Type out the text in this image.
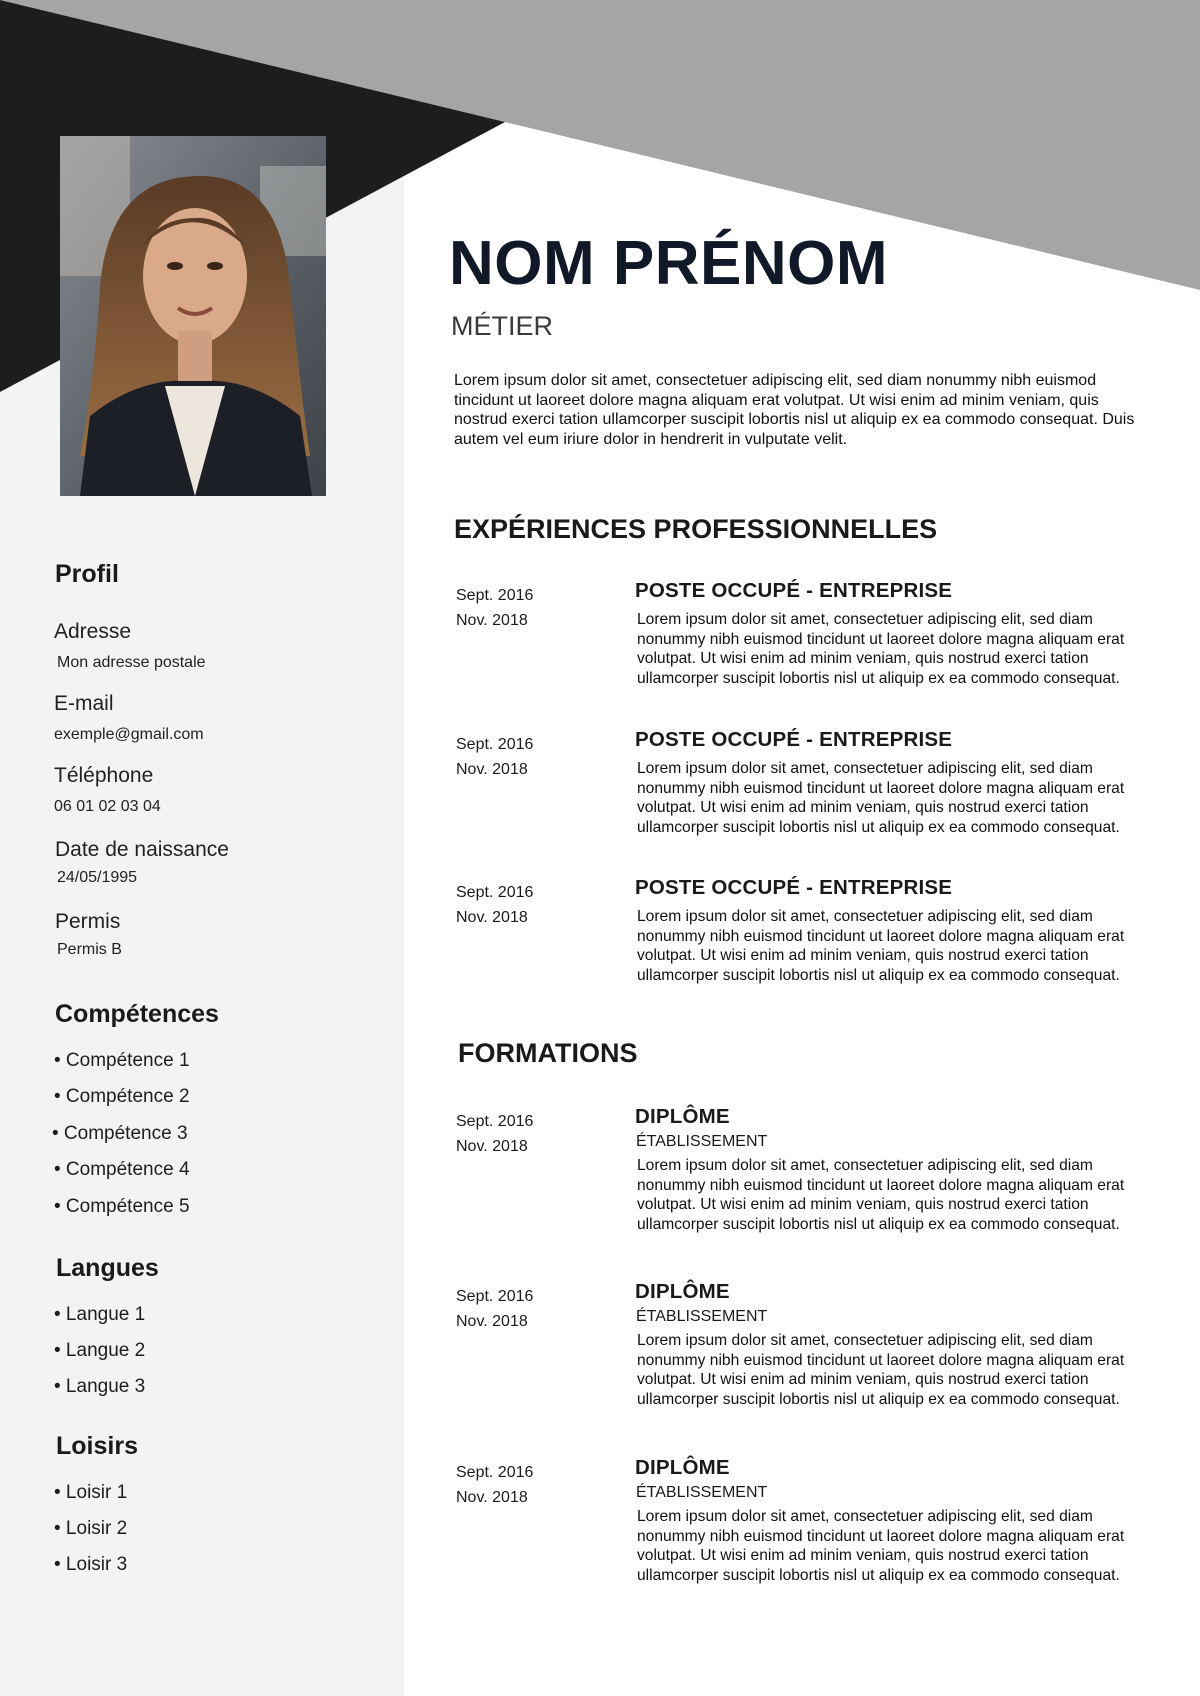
Profil
Adresse
Mon adresse postale
E-mail
exemple@gmail.com
Téléphone
06 01 02 03 04
Date de naissance
24/05/1995
Permis
Permis B
Compétences
• Compétence 1
• Compétence 2
• Compétence 3
• Compétence 4
• Compétence 5
Langues
• Langue 1
• Langue 2
• Langue 3
Loisirs
• Loisir 1
• Loisir 2
• Loisir 3
NOM PRÉNOM
MÉTIER
Lorem ipsum dolor sit amet, consectetuer adipiscing elit, sed diam nonummy nibh euismod tincidunt ut laoreet dolore magna aliquam erat volutpat. Ut wisi enim ad minim veniam, quis nostrud exerci tation ullamcorper suscipit lobortis nisl ut aliquip ex ea commodo consequat. Duis autem vel eum iriure dolor in hendrerit in vulputate velit.
EXPÉRIENCES PROFESSIONNELLES
Sept. 2016
Nov. 2018
POSTE OCCUPÉ - ENTREPRISE
Lorem ipsum dolor sit amet, consectetuer adipiscing elit, sed diam nonummy nibh euismod tincidunt ut laoreet dolore magna aliquam erat volutpat. Ut wisi enim ad minim veniam, quis nostrud exerci tation ullamcorper suscipit lobortis nisl ut aliquip ex ea commodo consequat.
Sept. 2016
Nov. 2018
POSTE OCCUPÉ - ENTREPRISE
Lorem ipsum dolor sit amet, consectetuer adipiscing elit, sed diam nonummy nibh euismod tincidunt ut laoreet dolore magna aliquam erat volutpat. Ut wisi enim ad minim veniam, quis nostrud exerci tation ullamcorper suscipit lobortis nisl ut aliquip ex ea commodo consequat.
Sept. 2016
Nov. 2018
POSTE OCCUPÉ - ENTREPRISE
Lorem ipsum dolor sit amet, consectetuer adipiscing elit, sed diam nonummy nibh euismod tincidunt ut laoreet dolore magna aliquam erat volutpat. Ut wisi enim ad minim veniam, quis nostrud exerci tation ullamcorper suscipit lobortis nisl ut aliquip ex ea commodo consequat.
FORMATIONS
Sept. 2016
Nov. 2018
DIPLÔME
ÉTABLISSEMENT
Lorem ipsum dolor sit amet, consectetuer adipiscing elit, sed diam nonummy nibh euismod tincidunt ut laoreet dolore magna aliquam erat volutpat. Ut wisi enim ad minim veniam, quis nostrud exerci tation ullamcorper suscipit lobortis nisl ut aliquip ex ea commodo consequat.
Sept. 2016
Nov. 2018
DIPLÔME
ÉTABLISSEMENT
Lorem ipsum dolor sit amet, consectetuer adipiscing elit, sed diam nonummy nibh euismod tincidunt ut laoreet dolore magna aliquam erat volutpat. Ut wisi enim ad minim veniam, quis nostrud exerci tation ullamcorper suscipit lobortis nisl ut aliquip ex ea commodo consequat.
Sept. 2016
Nov. 2018
DIPLÔME
ÉTABLISSEMENT
Lorem ipsum dolor sit amet, consectetuer adipiscing elit, sed diam nonummy nibh euismod tincidunt ut laoreet dolore magna aliquam erat volutpat. Ut wisi enim ad minim veniam, quis nostrud exerci tation ullamcorper suscipit lobortis nisl ut aliquip ex ea commodo consequat.
